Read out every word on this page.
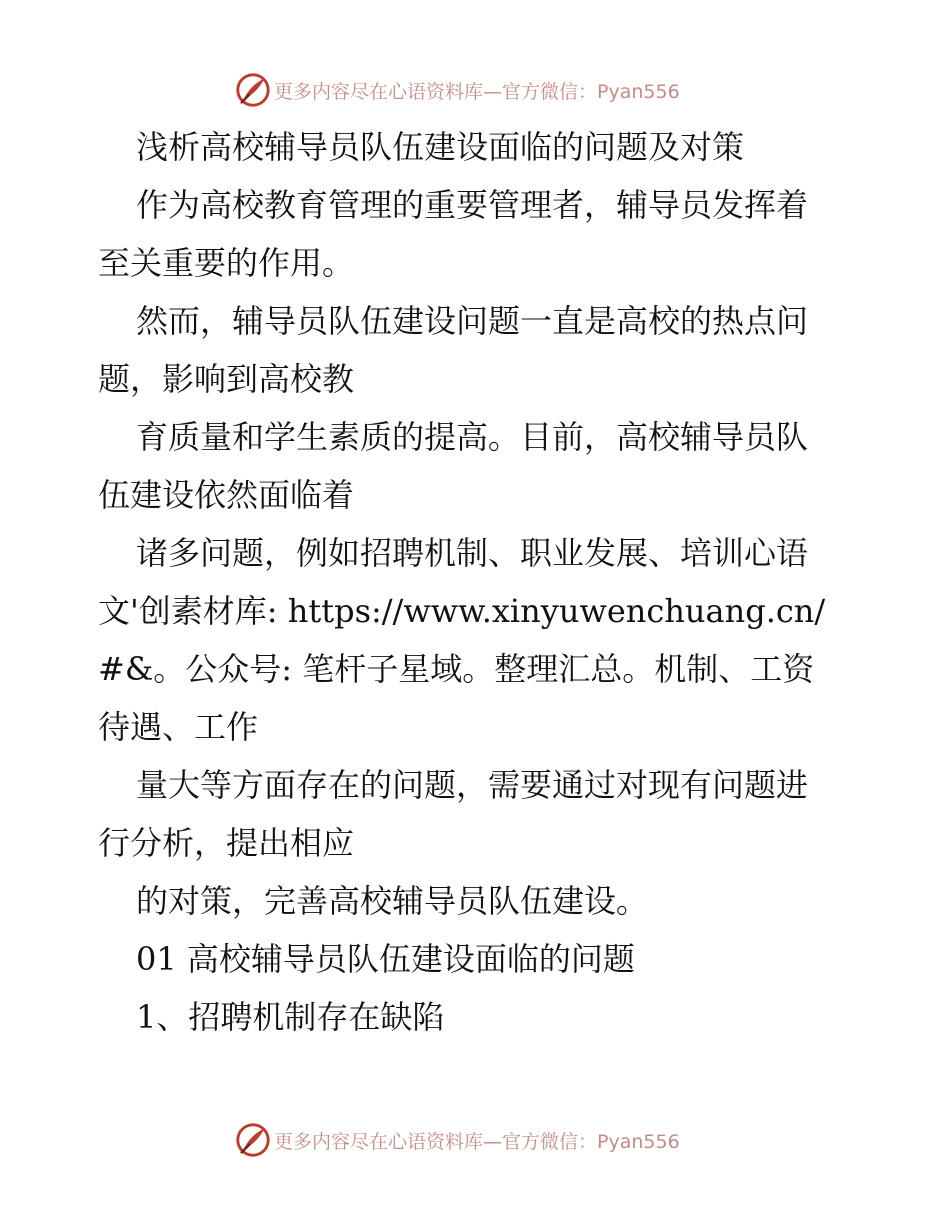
更多内容尽在心语资料库—官方微信：Pyan556
浅析高校辅导员队伍建设面临的问题及对策
作为高校教育管理的重要管理者，辅导员发挥着
至关重要的作用。
然而，辅导员队伍建设问题一直是高校的热点问
题，影响到高校教
育质量和学生素质的提高。目前，高校辅导员队
伍建设依然面临着
诸多问题，例如招聘机制、职业发展、培训心语
文'创素材库: https://www.xinyuwenchuang.cn/
#&。公众号: 笔杆子星域。整理汇总。机制、工资
待遇、工作
量大等方面存在的问题，需要通过对现有问题进
行分析，提出相应
的对策，完善高校辅导员队伍建设。
01 高校辅导员队伍建设面临的问题
1、招聘机制存在缺陷
更多内容尽在心语资料库—官方微信：Pyan556
